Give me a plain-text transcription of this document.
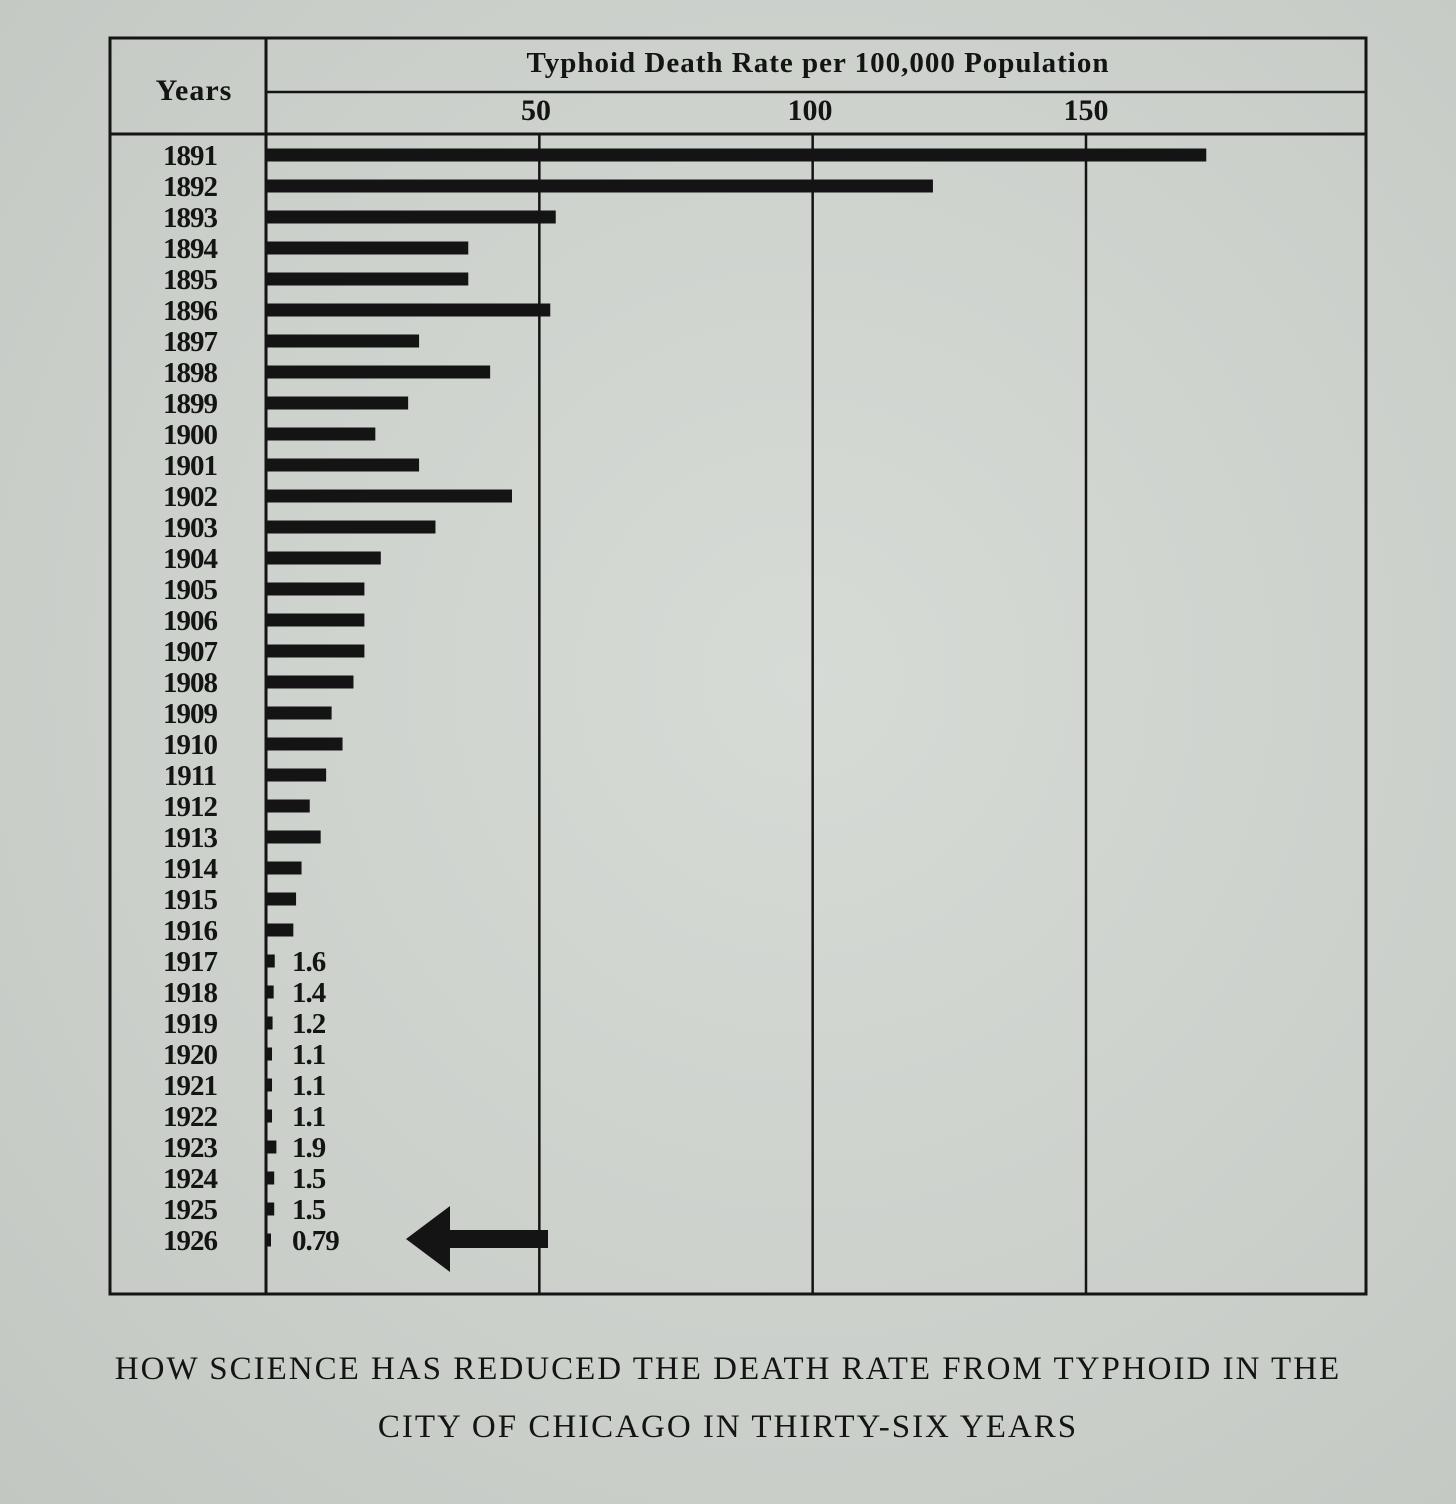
Years
Typhoid Death Rate per 100,000 Population
50	100	150
1891
1892
1893
1894
1895
1896
1897
1898
1899
1900
1901
1902
1903
1904
1905
1906
1907
1908
1909
1910
1911
1912
1913
1914
1915
1916
1917
1918
1919
1920
1921
1922
1923
1924
1925
1926
1.6
1.4
1.2
1.1
1.1
1.1
1.9
1.5
1.5
0.79
HOW SCIENCE HAS REDUCED THE DEATH RATE FROM TYPHOID IN THE
CITY OF CHICAGO IN THIRTY-SIX YEARS
